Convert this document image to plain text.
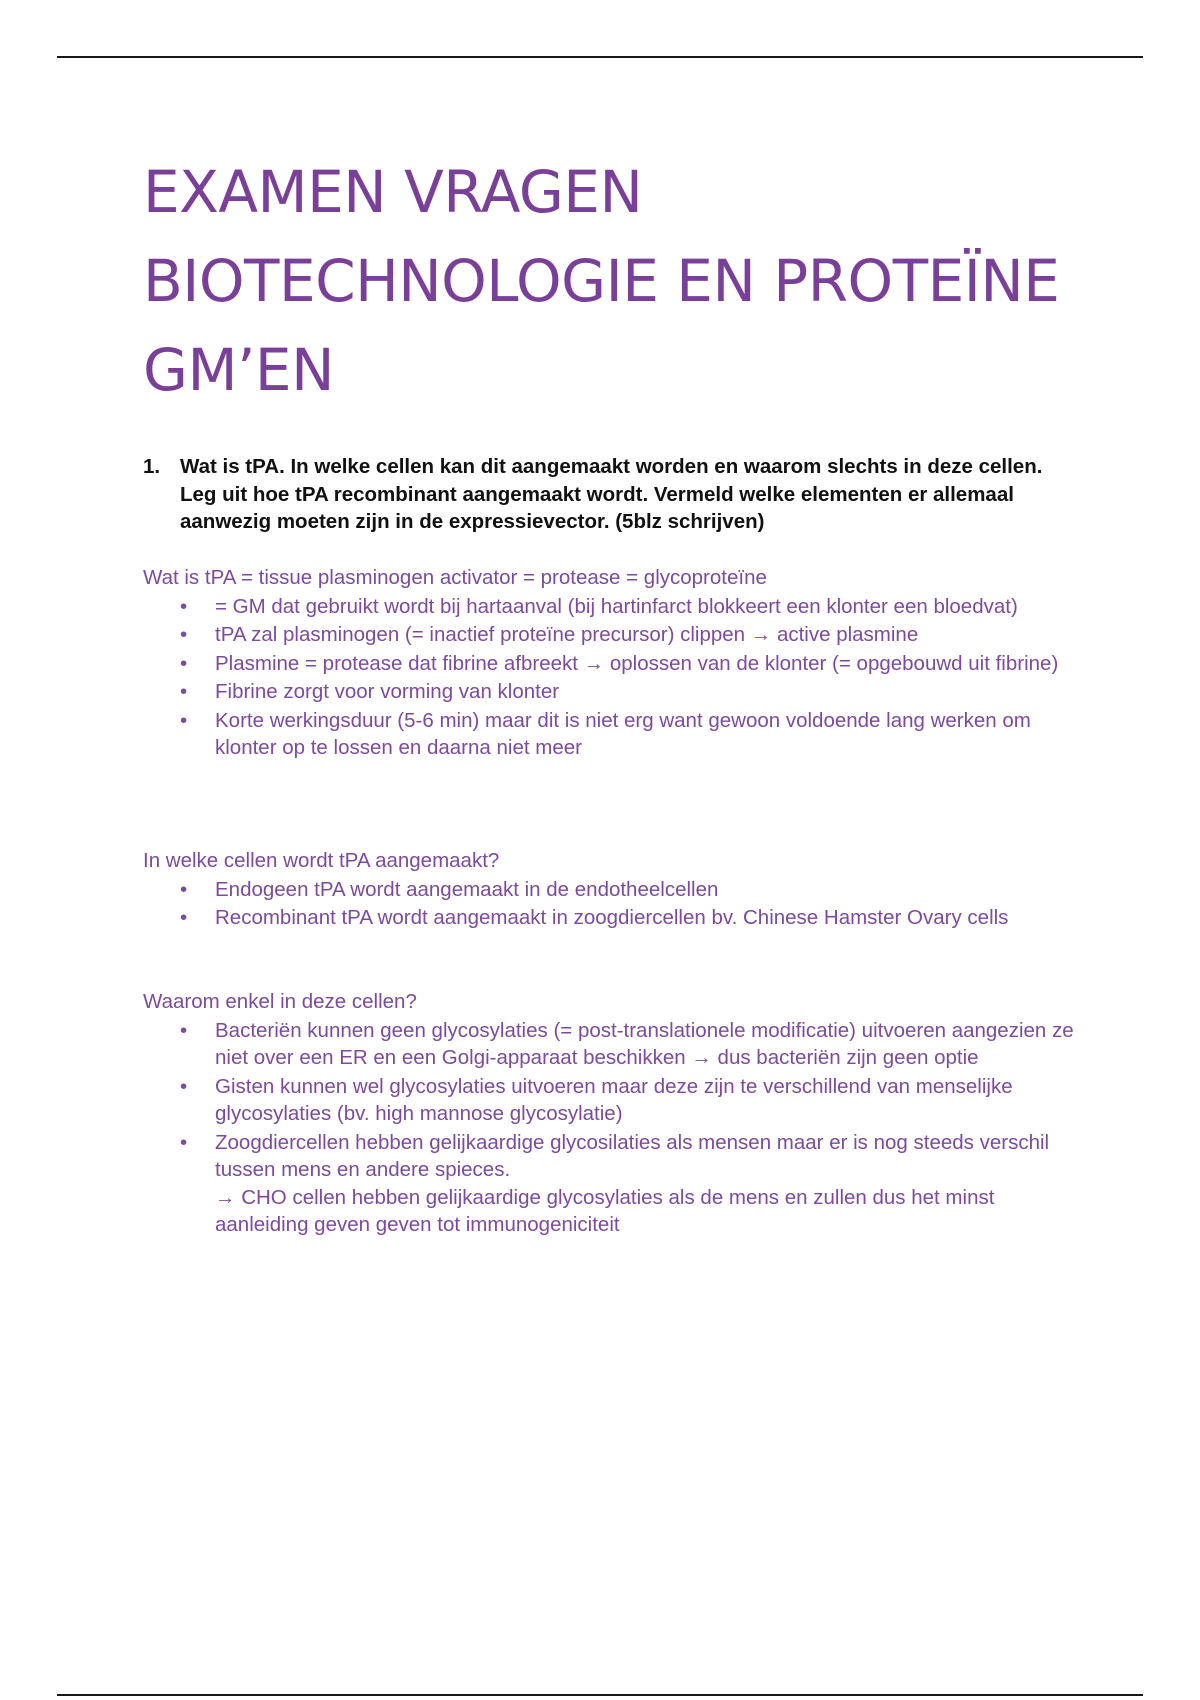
EXAMEN VRAGEN
BIOTECHNOLOGIE EN PROTEÏNE
GM’EN
1. Wat is tPA. In welke cellen kan dit aangemaakt worden en waarom slechts in deze cellen. Leg uit hoe tPA recombinant aangemaakt wordt. Vermeld welke elementen er allemaal aanwezig moeten zijn in de expressievector. (5blz schrijven)
Wat is tPA = tissue plasminogen activator = protease = glycoproteïne
• = GM dat gebruikt wordt bij hartaanval (bij hartinfarct blokkeert een klonter een bloedvat)
• tPA zal plasminogen (= inactief proteïne precursor) clippen → active plasmine
• Plasmine = protease dat fibrine afbreekt → oplossen van de klonter (= opgebouwd uit fibrine)
• Fibrine zorgt voor vorming van klonter
• Korte werkingsduur (5-6 min) maar dit is niet erg want gewoon voldoende lang werken om klonter op te lossen en daarna niet meer
In welke cellen wordt tPA aangemaakt?
• Endogeen tPA wordt aangemaakt in de endotheelcellen
• Recombinant tPA wordt aangemaakt in zoogdiercellen bv. Chinese Hamster Ovary cells
Waarom enkel in deze cellen?
• Bacteriën kunnen geen glycosylaties (= post-translationele modificatie) uitvoeren aangezien ze niet over een ER en een Golgi-apparaat beschikken → dus bacteriën zijn geen optie
• Gisten kunnen wel glycosylaties uitvoeren maar deze zijn te verschillend van menselijke glycosylaties (bv. high mannose glycosylatie)
• Zoogdiercellen hebben gelijkaardige glycosilaties als mensen maar er is nog steeds verschil tussen mens en andere spieces.
→ CHO cellen hebben gelijkaardige glycosylaties als de mens en zullen dus het minst aanleiding geven geven tot immunogeniciteit
